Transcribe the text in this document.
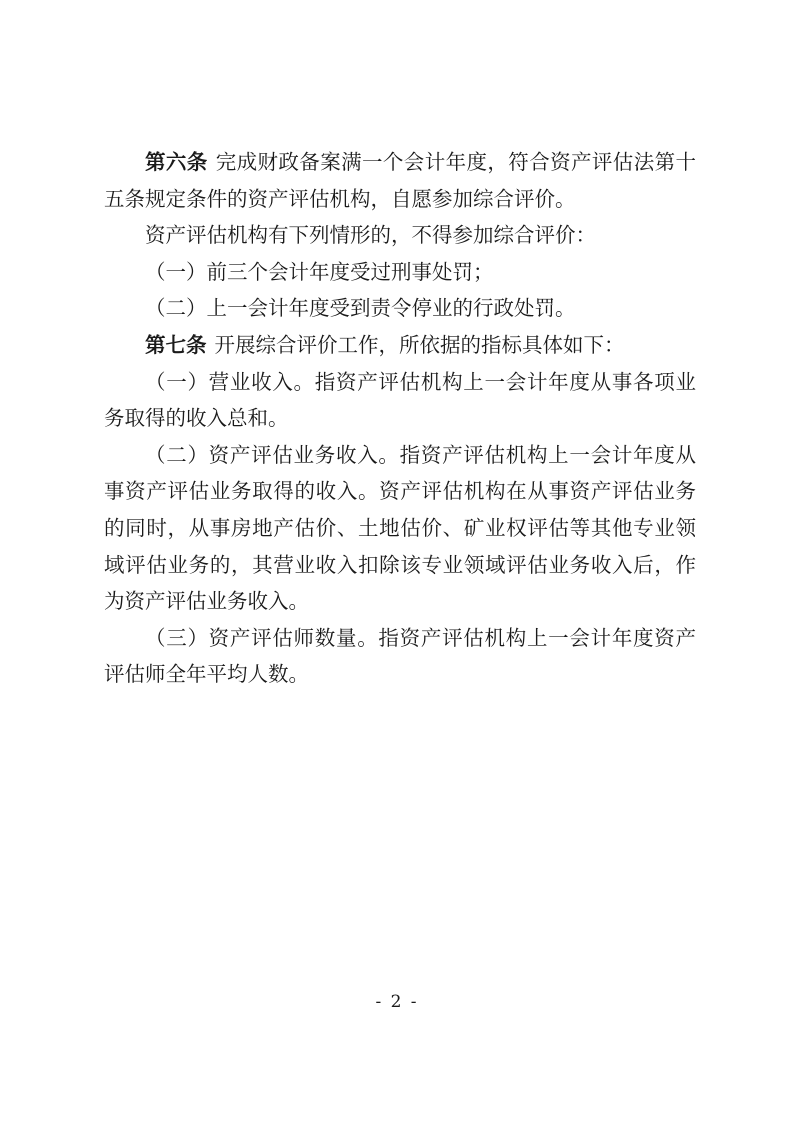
第六条 完成财政备案满一个会计年度，符合资产评估法第十五条规定条件的资产评估机构，自愿参加综合评价。

资产评估机构有下列情形的，不得参加综合评价：

（一）前三个会计年度受过刑事处罚；

（二）上一会计年度受到责令停业的行政处罚。

第七条 开展综合评价工作，所依据的指标具体如下：

（一）营业收入。指资产评估机构上一会计年度从事各项业务取得的收入总和。

（二）资产评估业务收入。指资产评估机构上一会计年度从事资产评估业务取得的收入。资产评估机构在从事资产评估业务的同时，从事房地产估价、土地估价、矿业权评估等其他专业领域评估业务的，其营业收入扣除该专业领域评估业务收入后，作为资产评估业务收入。

（三）资产评估师数量。指资产评估机构上一会计年度资产评估师全年平均人数。

- 2 -
